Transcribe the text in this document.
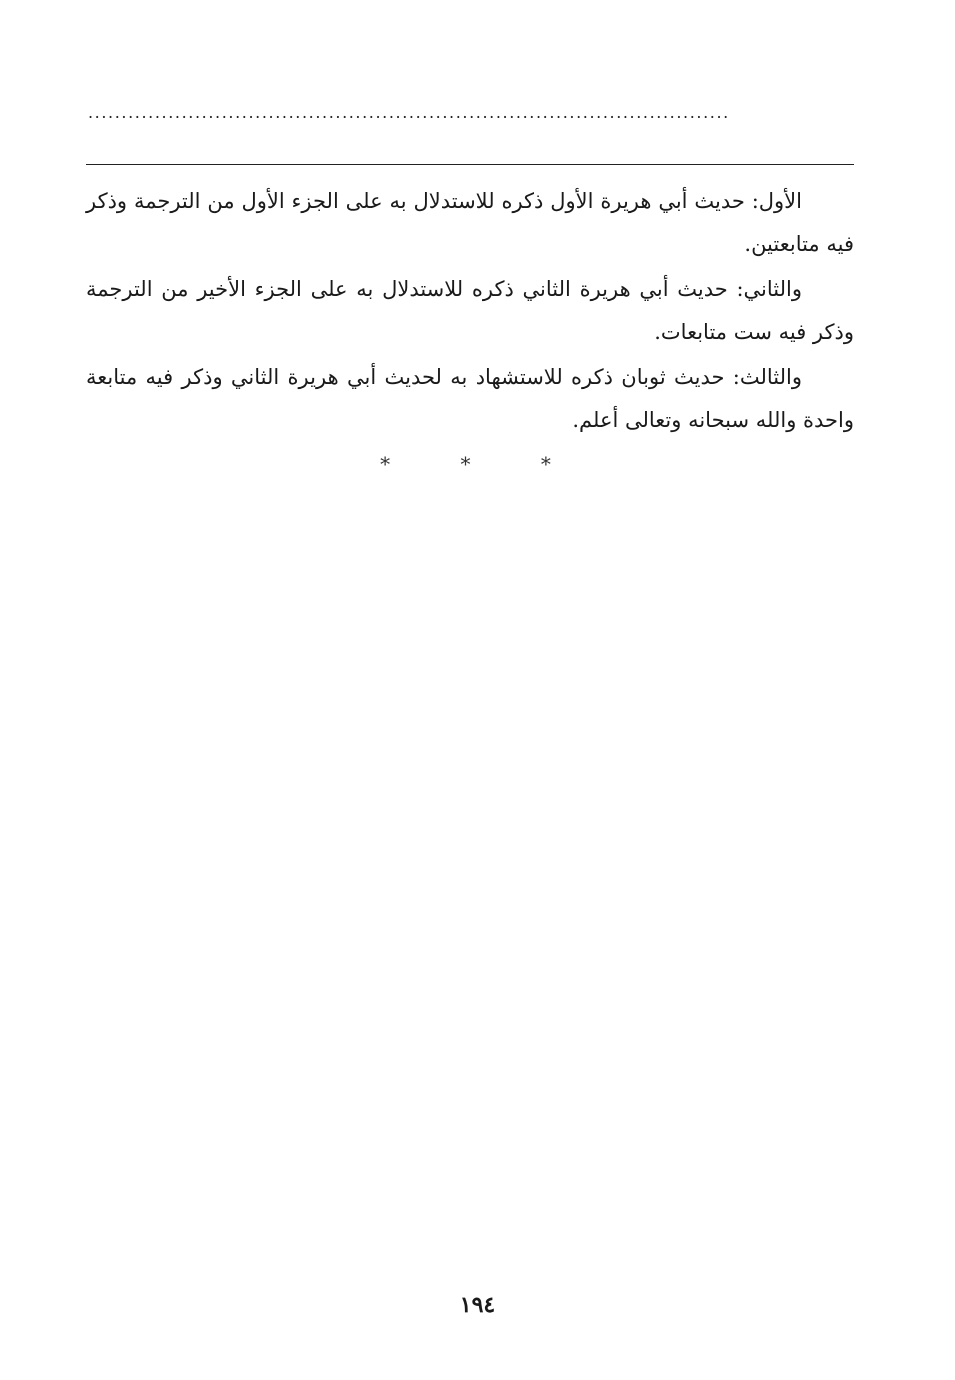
................................................................................................

الأول: حديث أبي هريرة الأول ذكره للاستدلال به على الجزء الأول من الترجمة وذكر فيه متابعتين.

والثاني: حديث أبي هريرة الثاني ذكره للاستدلال به على الجزء الأخير من الترجمة وذكر فيه ست متابعات.

والثالث: حديث ثوبان ذكره للاستشهاد به لحديث أبي هريرة الثاني وذكر فيه متابعة واحدة والله سبحانه وتعالى أعلم.

* * *
١٩٤
